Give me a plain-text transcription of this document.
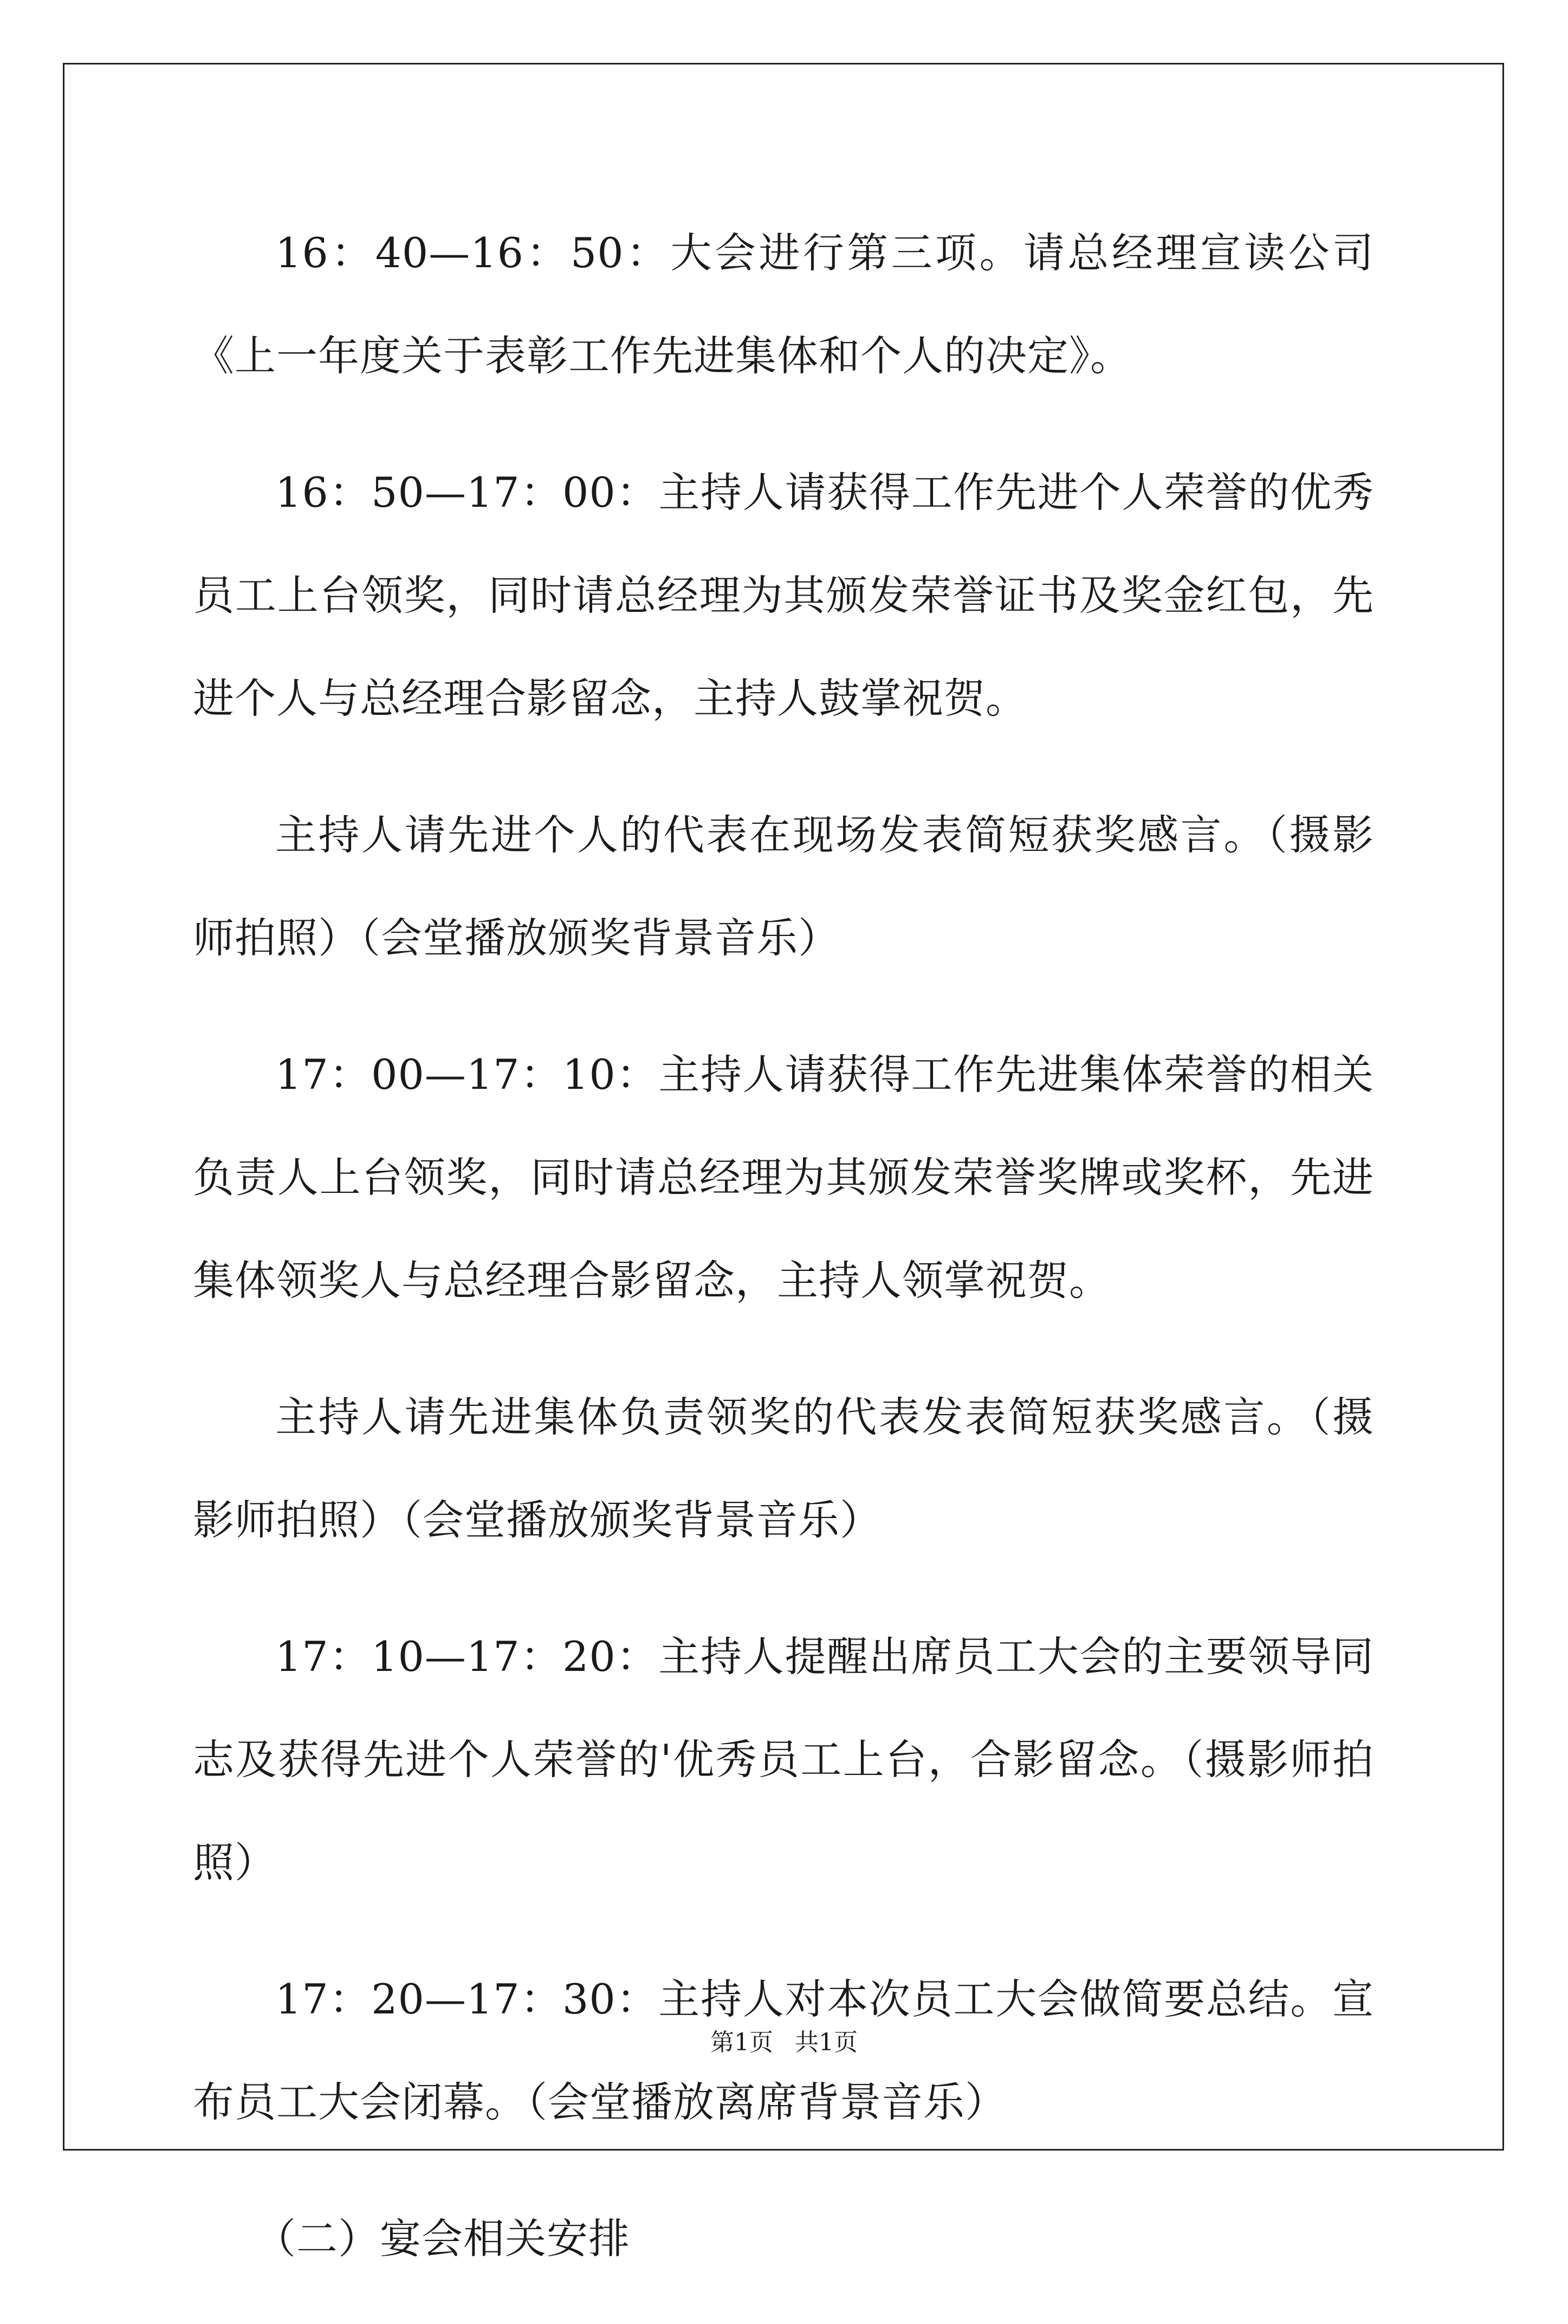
16：40—16：50：大会进行第三项。请总经理宣读公司《上一年度关于表彰工作先进集体和个人的决定》。

16：50—17：00：主持人请获得工作先进个人荣誉的优秀员工上台领奖，同时请总经理为其颁发荣誉证书及奖金红包，先进个人与总经理合影留念，主持人鼓掌祝贺。

主持人请先进个人的代表在现场发表简短获奖感言。（摄影师拍照）（会堂播放颁奖背景音乐）

17：00—17：10：主持人请获得工作先进集体荣誉的相关负责人上台领奖，同时请总经理为其颁发荣誉奖牌或奖杯，先进集体领奖人与总经理合影留念，主持人领掌祝贺。

主持人请先进集体负责领奖的代表发表简短获奖感言。（摄影师拍照）（会堂播放颁奖背景音乐）

17：10—17：20：主持人提醒出席员工大会的主要领导同志及获得先进个人荣誉的'优秀员工上台，合影留念。（摄影师拍照）

17：20—17：30：主持人对本次员工大会做简要总结。宣布员工大会闭幕。（会堂播放离席背景音乐）

（二）宴会相关安排

第1页 共1页
